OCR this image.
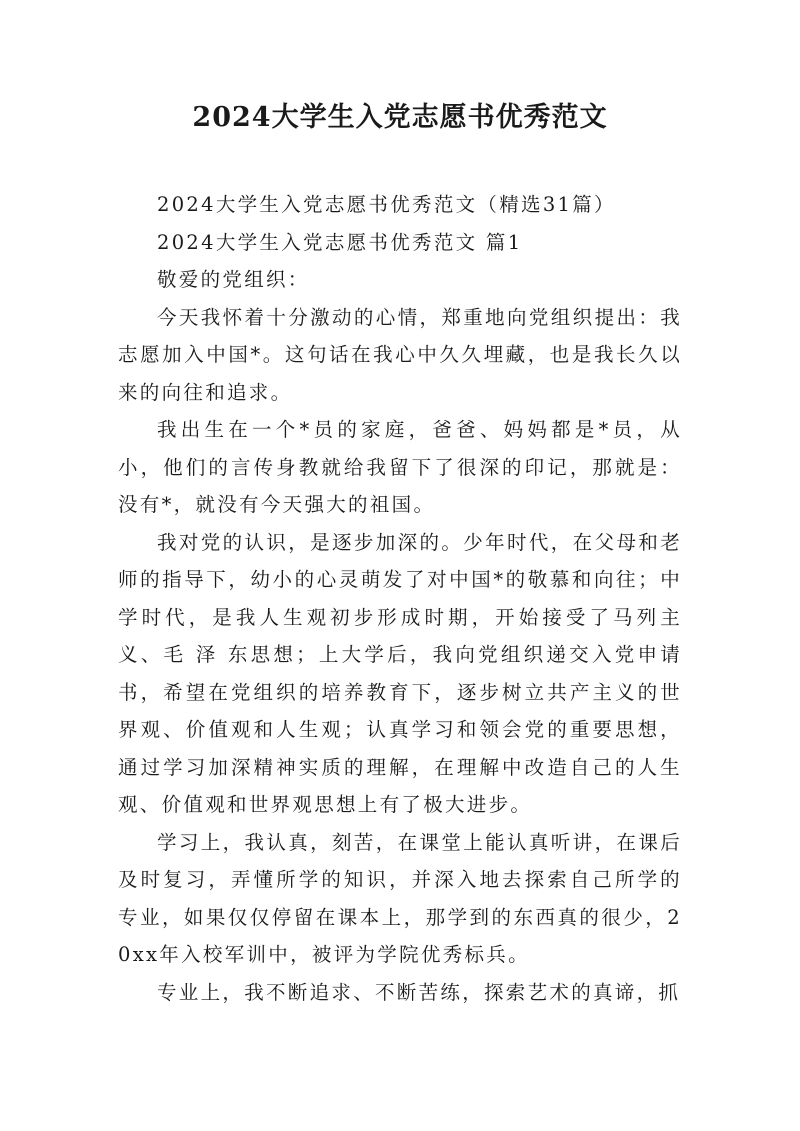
2024大学生入党志愿书优秀范文

2024大学生入党志愿书优秀范文（精选31篇）

2024大学生入党志愿书优秀范文 篇1

敬爱的党组织：

今天我怀着十分激动的心情，郑重地向党组织提出：我志愿加入中国*。这句话在我心中久久埋藏，也是我长久以来的向往和追求。

我出生在一个*员的家庭，爸爸、妈妈都是*员，从小，他们的言传身教就给我留下了很深的印记，那就是：没有*，就没有今天强大的祖国。

我对党的认识，是逐步加深的。少年时代，在父母和老师的指导下，幼小的心灵萌发了对中国*的敬慕和向往；中学时代，是我人生观初步形成时期，开始接受了马列主义、毛 泽 东思想；上大学后，我向党组织递交入党申请书，希望在党组织的培养教育下，逐步树立共产主义的世界观、价值观和人生观；认真学习和领会党的重要思想，通过学习加深精神实质的理解，在理解中改造自己的人生观、价值观和世界观思想上有了极大进步。

学习上，我认真，刻苦，在课堂上能认真听讲，在课后及时复习，弄懂所学的知识，并深入地去探索自己所学的专业，如果仅仅停留在课本上，那学到的东西真的很少，20xx年入校军训中，被评为学院优秀标兵。

专业上，我不断追求、不断苦练，探索艺术的真谛，抓
